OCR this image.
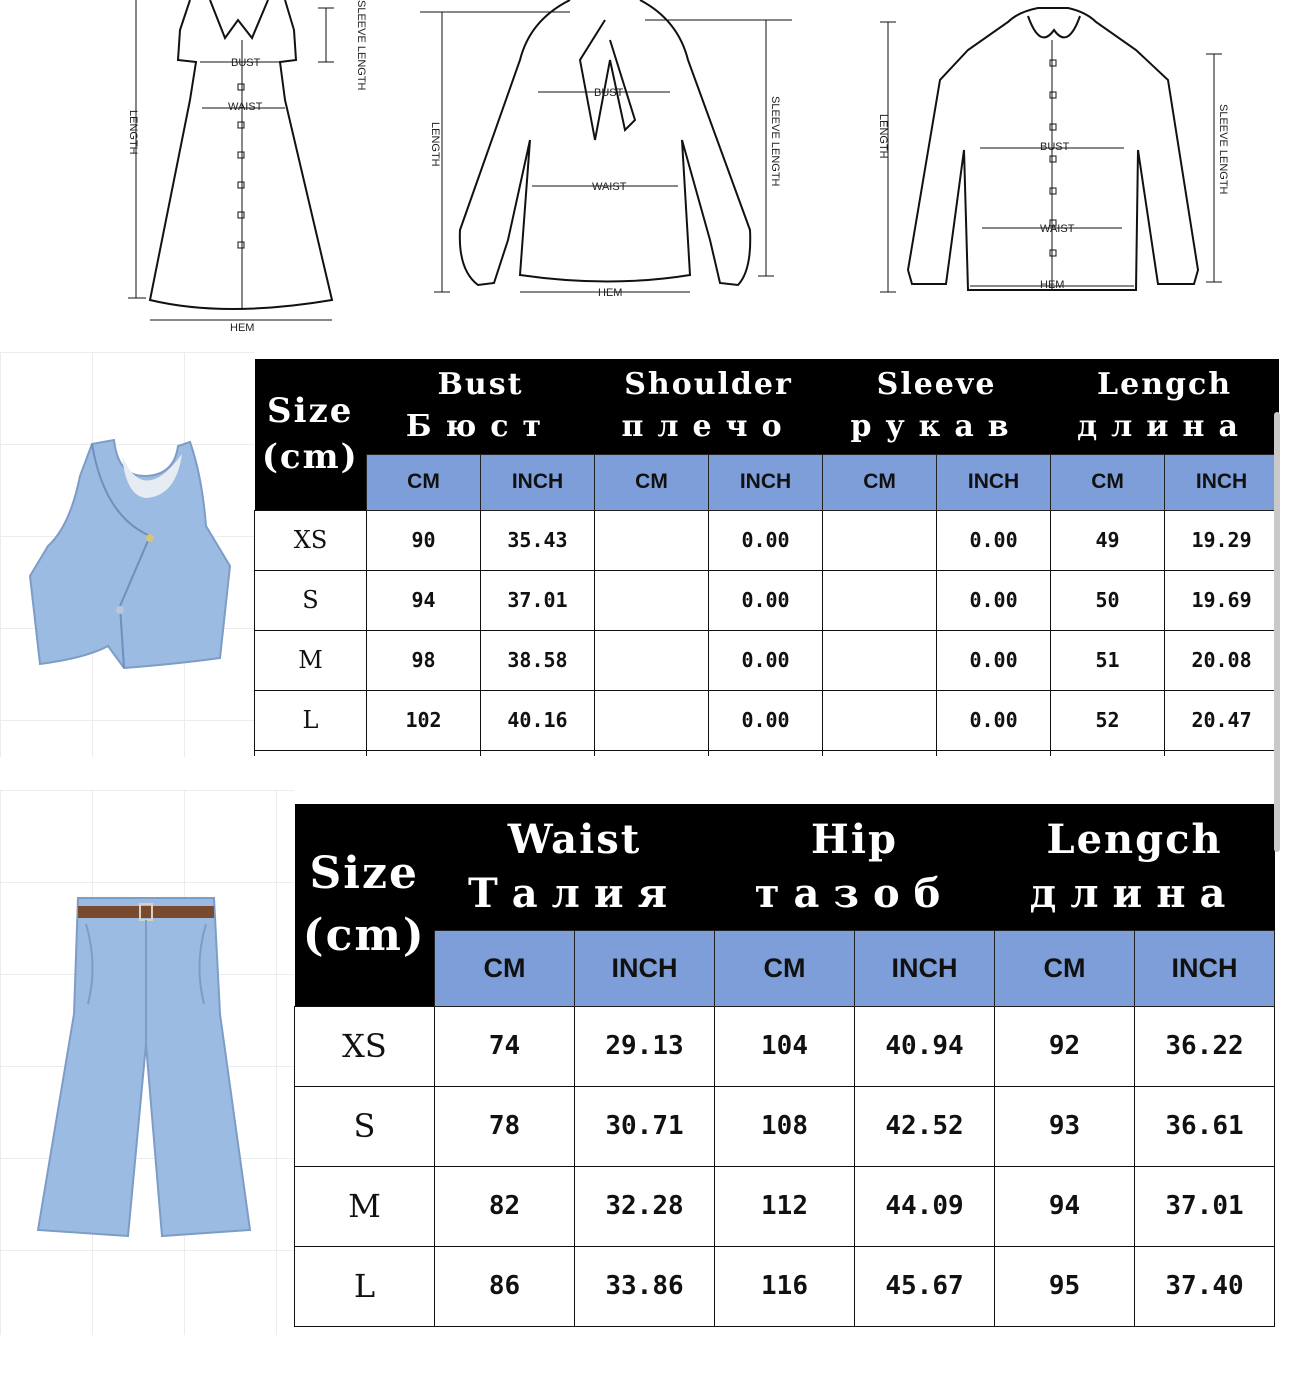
BUST
WAIST
HEM
LENGTH
SLEEVE LENGTH
BUST
WAIST
HEM
LENGTH	SLEEVE LENGTH	BUST
WAIST
HEM
LENGTH	SLEEVE LENGTH
Size
(cm)	Bust
Бюст		Shoulder
плечо		Sleeve
рукав		Lengch
длина	

	CM	INCH	CM	INCH	CM	INCH	CM	INCH
XS	90	35.43		0.00		0.00	49	19.29
S	94	37.01		0.00		0.00	50	19.69
M	98	38.58		0.00		0.00	51	20.08
L	102	40.16		0.00		0.00	52	20.47

Size
(cm)	Waist
Талия		Hip
тазоб		Lengch
длина	

	CM	INCH	CM	INCH	CM	INCH
XS	74	29.13	104	40.94	92	36.22
S	78	30.71	108	42.52	93	36.61
M	82	32.28	112	44.09	94	37.01
L	86	33.86	116	45.67	95	37.40
